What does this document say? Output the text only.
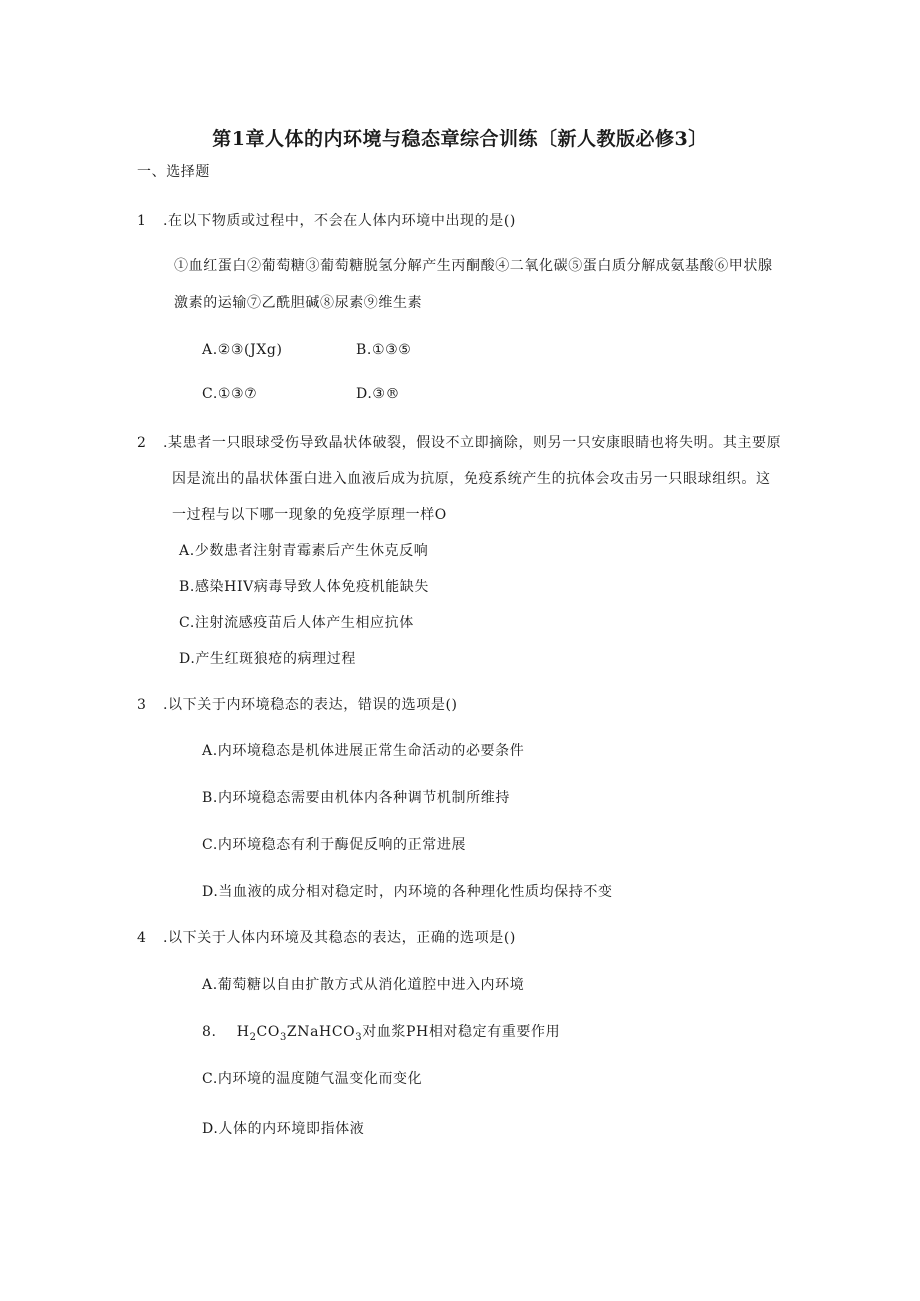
第1章人体的内环境与稳态章综合训练〔新人教版必修3〕
一、选择题
1 .在以下物质或过程中，不会在人体内环境中出现的是()
①血红蛋白②葡萄糖③葡萄糖脱氢分解产生丙酮酸④二氧化碳⑤蛋白质分解成氨基酸⑥甲状腺
激素的运输⑦乙酰胆碱⑧尿素⑨维生素
A.②③(JXg)	B.①③⑤
C.①③⑦	D.③®
2 .某患者一只眼球受伤导致晶状体破裂，假设不立即摘除，则另一只安康眼睛也将失明。其主要原
因是流出的晶状体蛋白进入血液后成为抗原，免疫系统产生的抗体会攻击另一只眼球组织。这
一过程与以下哪一现象的免疫学原理一样O
A.少数患者注射青霉素后产生休克反响
B.感染HIV病毒导致人体免疫机能缺失
C.注射流感疫苗后人体产生相应抗体
D.产生红斑狼疮的病理过程
3 .以下关于内环境稳态的表达，错误的选项是()
A.内环境稳态是机体进展正常生命活动的必要条件
B.内环境稳态需要由机体内各种调节机制所维持
C.内环境稳态有利于酶促反响的正常进展
D.当血液的成分相对稳定时，内环境的各种理化性质均保持不变
4 .以下关于人体内环境及其稳态的表达，正确的选项是()
A.葡萄糖以自由扩散方式从消化道腔中进入内环境
8. $H_2CO_3ZNaHCO_3$对血浆PH相对稳定有重要作用
C.内环境的温度随气温变化而变化
D.人体的内环境即指体液
